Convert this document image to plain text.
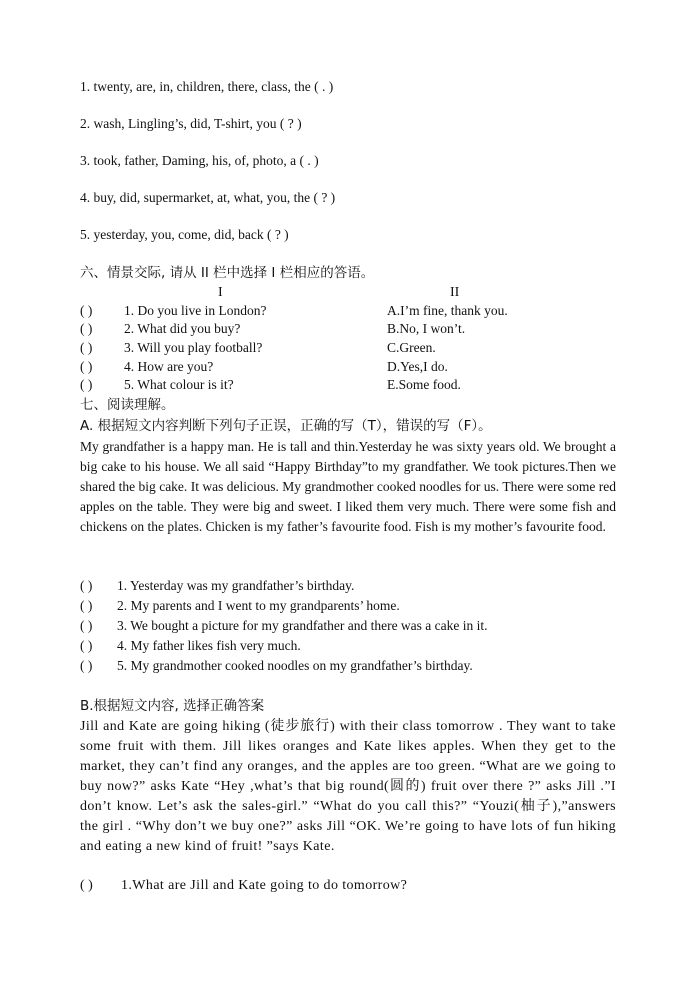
1. twenty, are, in, children, there, class, the ( . )
2. wash, Lingling’s, did, T-shirt, you ( ? )
3. took, father, Daming, his, of, photo, a ( . )
4. buy, did, supermarket, at, what, you, the ( ? )
5. yesterday, you, come, did, back ( ? )
六、情景交际, 请从 II 栏中选择 I 栏相应的答语。
I	II
( ) 1. Do you live in London?	A.I’m fine, thank you.
( ) 2. What did you buy?	B.No, I won’t.
( ) 3. Will you play football?	C.Green.
( ) 4. How are you?	D.Yes,I do.
( ) 5. What colour is it?	E.Some food.
七、阅读理解。
A. 根据短文内容判断下列句子正误，正确的写（T），错误的写（F）。
My grandfather is a happy man. He is tall and thin.Yesterday he was sixty years old. We brought a big cake to his house. We all said “Happy Birthday”to my grandfather. We took pictures.Then we shared the big cake. It was delicious. My grandmother cooked noodles for us. There were some red apples on the table. They were big and sweet. I liked them very much. There were some fish and chickens on the plates. Chicken is my father’s favourite food. Fish is my mother’s favourite food.
( ) 1. Yesterday was my grandfather’s birthday.
( ) 2. My parents and I went to my grandparents’ home.
( ) 3. We bought a picture for my grandfather and there was a cake in it.
( ) 4. My father likes fish very much.
( ) 5. My grandmother cooked noodles on my grandfather’s birthday.
B.根据短文内容, 选择正确答案
Jill and Kate are going hiking (徒步旅行) with their class tomorrow . They want to take some fruit with them. Jill likes oranges and Kate likes apples. When they get to the market, they can’t find any oranges, and the apples are too green. “What are we going to buy now?” asks Kate “Hey ,what’s that big round(圆的) fruit over there ?” asks Jill .”I don’t know. Let’s ask the sales-girl.” “What do you call this?” “Youzi(柚子),”answers the girl . “Why don’t we buy one?” asks Jill “OK. We’re going to have lots of fun hiking and eating a new kind of fruit! ”says Kate.
( ) 1.What are Jill and Kate going to do tomorrow?
